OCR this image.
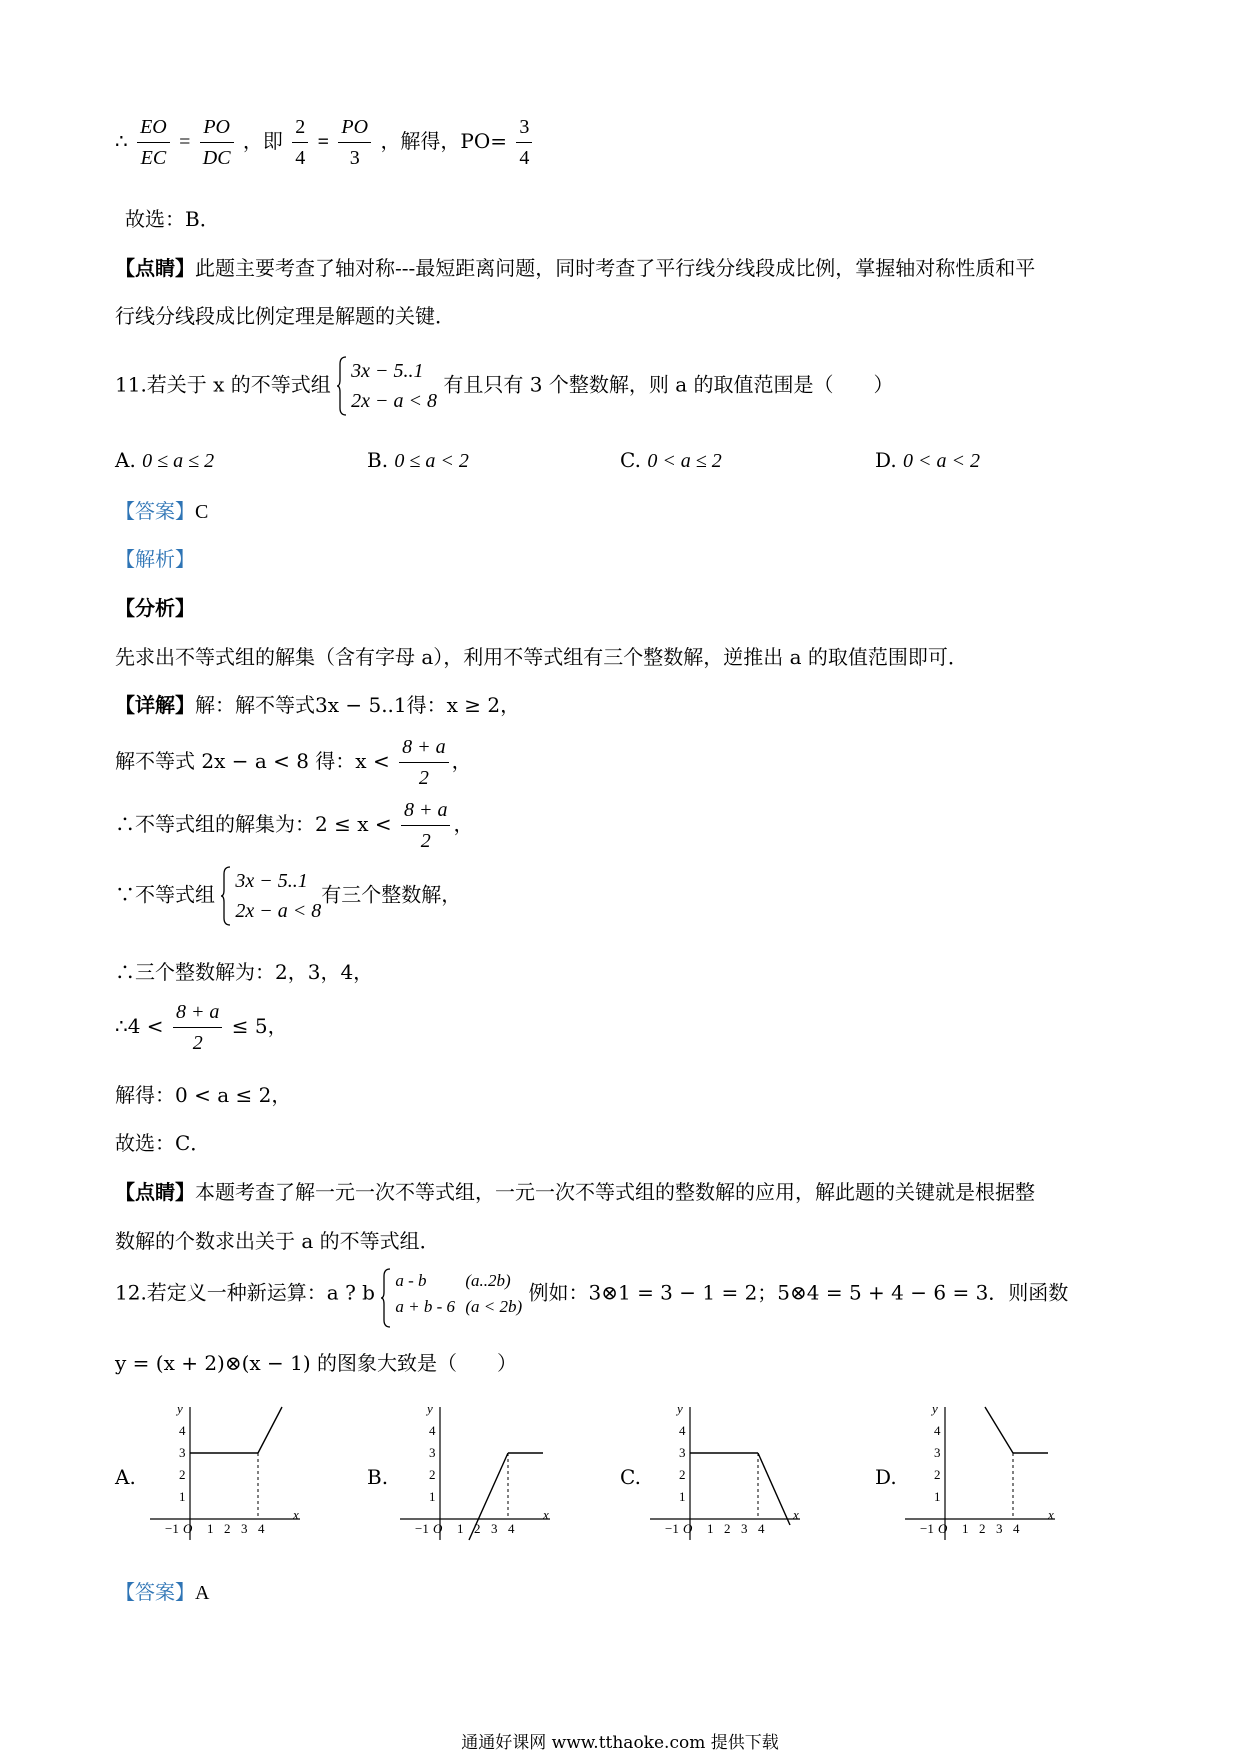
∴ $\frac{EO}{EC} = \frac{PO}{DC}$ ，即 $\frac{2}{4} = \frac{PO}{3}$ ，解得，$PO= \frac{3}{4}$
故选：B．
【点睛】此题主要考查了轴对称---最短距离问题，同时考查了平行线分线段成比例，掌握轴对称性质和平
行线分线段成比例定理是解题的关键．
11.若关于 x 的不等式组
3x − 5..1
2x − a < 8
有且只有 3 个整数解，则 a 的取值范围是（　　）
A. 0 ≤ a ≤ 2	B. 0 ≤ a < 2	C. 0 < a ≤ 2	D. 0 < a < 2
【答案】C
【解析】
【分析】
先求出不等式组的解集（含有字母 a），利用不等式组有三个整数解，逆推出 a 的取值范围即可．
【详解】解：解不等式3x − 5..1得：x ≥ 2，
解不等式 2x − a < 8 得：$x < \frac{8 + a}{2}$ ，
∴不等式组的解集为：$2 \le x < \frac{8 + a}{2}$ ，
∵不等式组
3x − 5..1
2x − a < 8
有三个整数解，
∴三个整数解为：2，3，4，
∴4 < $\frac{8 + a}{2} \le 5$，
解得：0 < a ≤ 2，
故选：C．
【点睛】本题考查了解一元一次不等式组，一元一次不等式组的整数解的应用，解此题的关键就是根据整
数解的个数求出关于 a 的不等式组．
12.若定义一种新运算：a ? b a - b (a..2b)
a + b - 6 (a < 2b)
例如：3⊗1 = 3 − 1 = 2；5⊗4 = 5 + 4 − 6 = 3．则函数
y = (x + 2)⊗(x − 1) 的图象大致是（　　）
A.	B.	C.	D.
y
x
4
3
2
1
1 2 3 4
−1 O
y
x
4
3
2
1
1 2 3 4
−1 O
y
x
4
3
2
1
1 2 3 4
−1 O
y
x
4
3
2
1
1 2 3 4
−1 O
【答案】A
通通好课网 www.tthaoke.com 提供下载
